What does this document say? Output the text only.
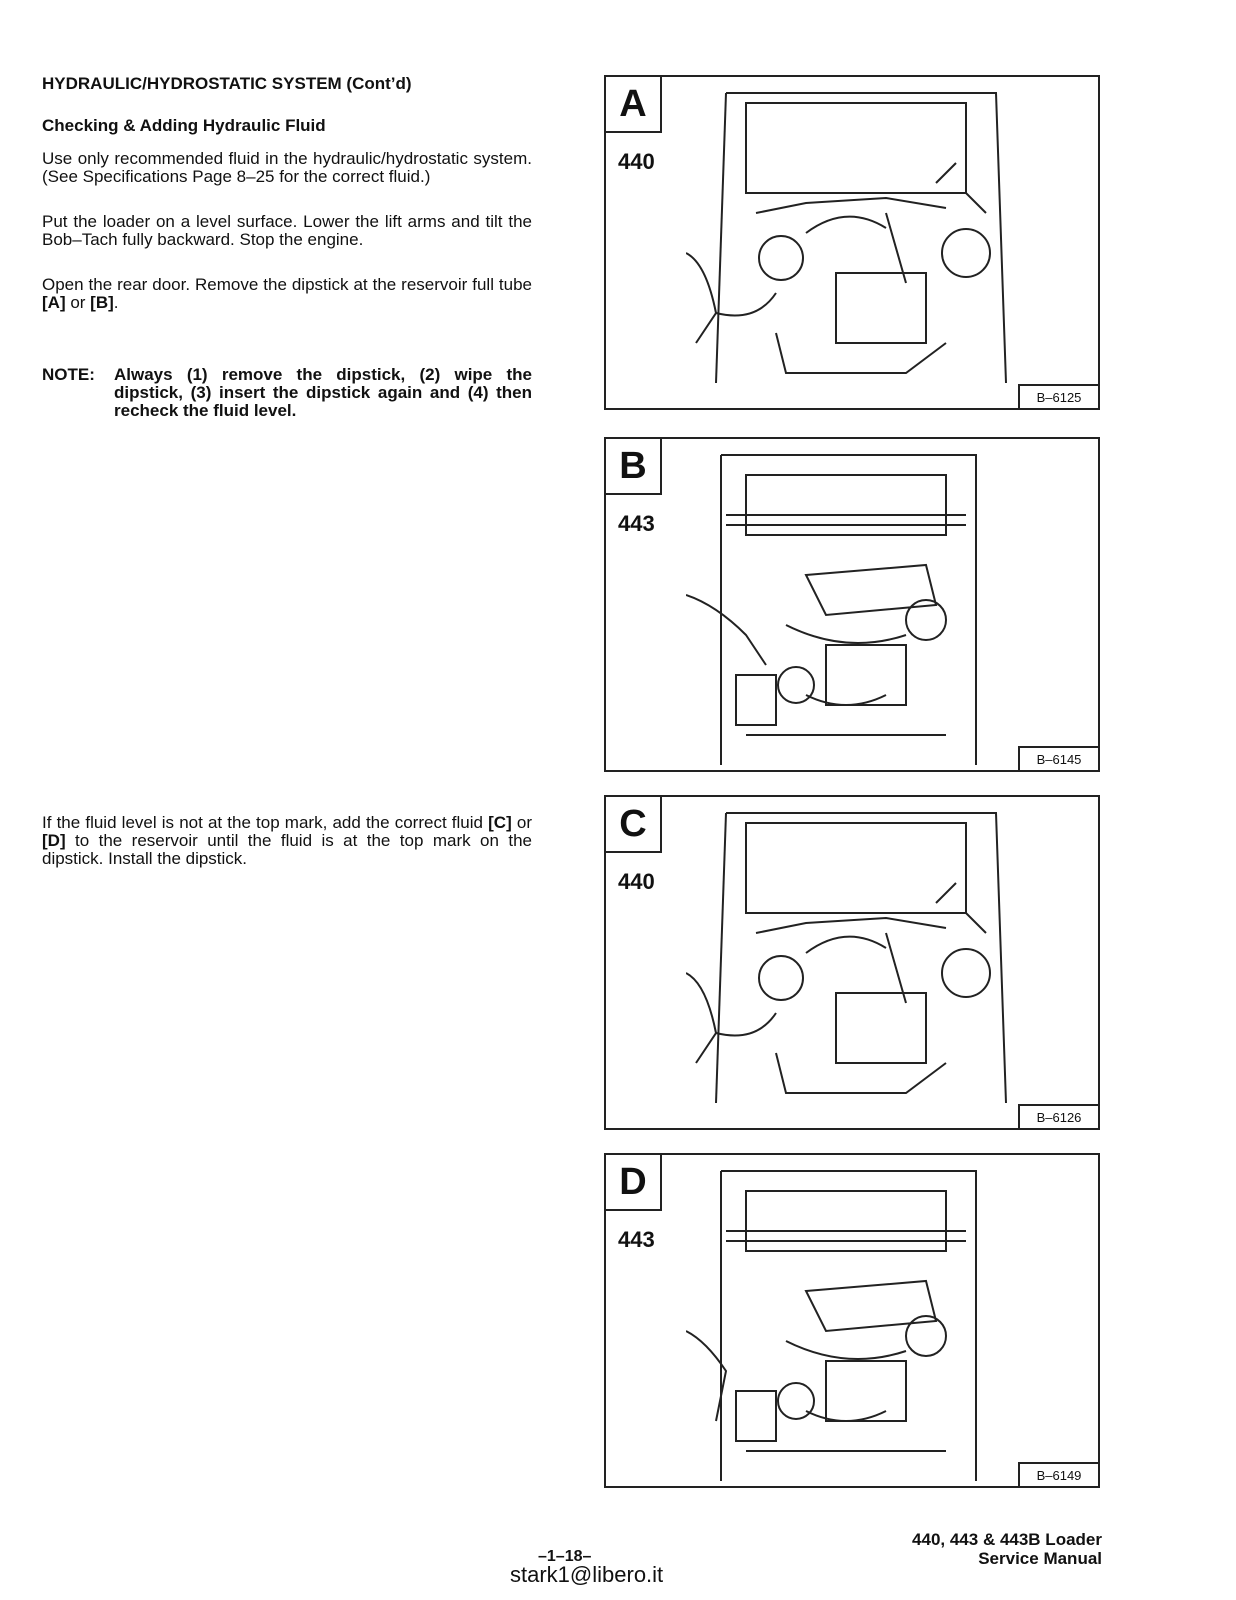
HYDRAULIC/HYDROSTATIC SYSTEM (Cont’d)
Checking & Adding Hydraulic Fluid

Use only recommended fluid in the hydraulic/hydrostatic system. (See Specifications Page 8–25 for the correct fluid.)

Put the loader on a level surface. Lower the lift arms and tilt the Bob–Tach fully backward. Stop the engine.

Open the rear door. Remove the dipstick at the reservoir full tube [A] or [B].

NOTE: Always (1) remove the dipstick, (2) wipe the dipstick, (3) insert the dipstick again and (4) then recheck the fluid level.

If the fluid level is not at the top mark, add the correct fluid [C] or [D] to the reservoir until the fluid is at the top mark on the dipstick. Install the dipstick.

A
440
B–6125
B
443
B–6145
C
440
B–6126
D
443
B–6149
440, 443 & 443B Loader
Service Manual
–1–18–
stark1@libero.it
